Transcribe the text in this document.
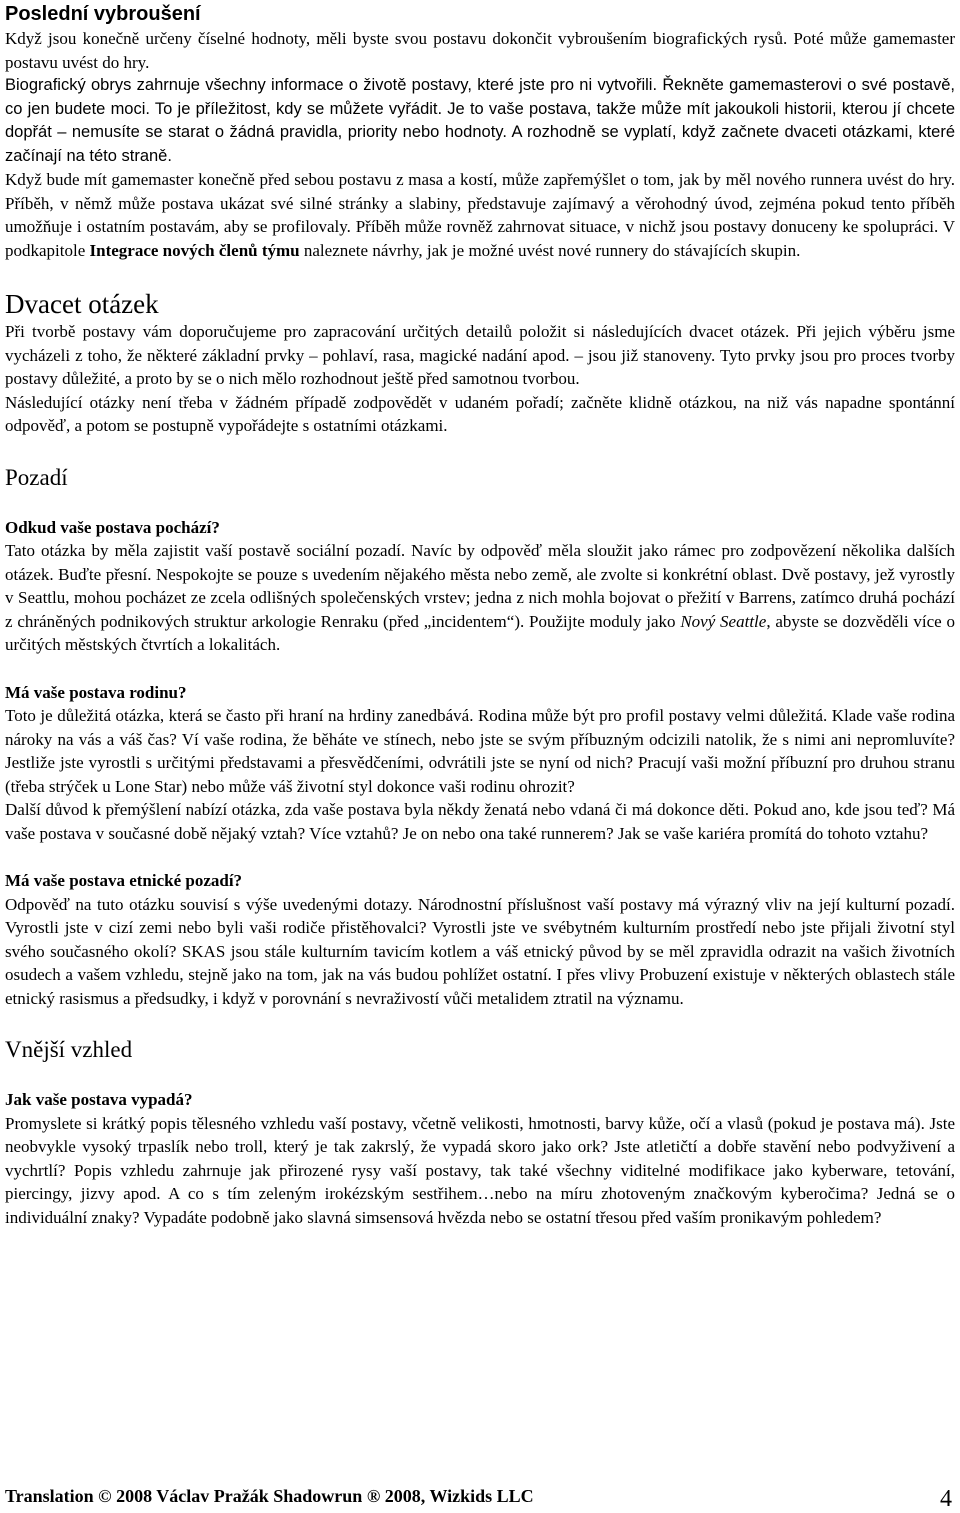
Poslední vybroušení

Když jsou konečně určeny číselné hodnoty, měli byste svou postavu dokončit vybroušením biografických rysů. Poté může gamemaster postavu uvést do hry.

Biografický obrys zahrnuje všechny informace o životě postavy, které jste pro ni vytvořili. Řekněte gamemasterovi o své postavě, co jen budete moci. To je příležitost, kdy se můžete vyřádit. Je to vaše postava, takže může mít jakoukoli historii, kterou jí chcete dopřát – nemusíte se starat o žádná pravidla, priority nebo hodnoty. A rozhodně se vyplatí, když začnete dvaceti otázkami, které začínají na této straně.

Když bude mít gamemaster konečně před sebou postavu z masa a kostí, může zapřemýšlet o tom, jak by měl nového runnera uvést do hry. Příběh, v němž může postava ukázat své silné stránky a slabiny, představuje zajímavý a věrohodný úvod, zejména pokud tento příběh umožňuje i ostatním postavám, aby se profilovaly. Příběh může rovněž zahrnovat situace, v nichž jsou postavy donuceny ke spolupráci. V podkapitole Integrace nových členů týmu naleznete návrhy, jak je možné uvést nové runnery do stávajících skupin.

Dvacet otázek

Při tvorbě postavy vám doporučujeme pro zapracování určitých detailů položit si následujících dvacet otázek. Při jejich výběru jsme vycházeli z toho, že některé základní prvky – pohlaví, rasa, magické nadání apod. – jsou již stanoveny. Tyto prvky jsou pro proces tvorby postavy důležité, a proto by se o nich mělo rozhodnout ještě před samotnou tvorbou.

Následující otázky není třeba v žádném případě zodpovědět v udaném pořadí; začněte klidně otázkou, na niž vás napadne spontánní odpověď, a potom se postupně vypořádejte s ostatními otázkami.

Pozadí
Odkud vaše postava pochází?

Tato otázka by měla zajistit vaší postavě sociální pozadí. Navíc by odpověď měla sloužit jako rámec pro zodpovězení několika dalších otázek. Buďte přesní. Nespokojte se pouze s uvedením nějakého města nebo země, ale zvolte si konkrétní oblast. Dvě postavy, jež vyrostly v Seattlu, mohou pocházet ze zcela odlišných společenských vrstev; jedna z nich mohla bojovat o přežití v Barrens, zatímco druhá pochází z chráněných podnikových struktur arkologie Renraku (před „incidentem“). Použijte moduly jako Nový Seattle, abyste se dozvěděli více o určitých městských čtvrtích a lokalitách.

Má vaše postava rodinu?

Toto je důležitá otázka, která se často při hraní na hrdiny zanedbává. Rodina může být pro profil postavy velmi důležitá. Klade vaše rodina nároky na vás a váš čas? Ví vaše rodina, že běháte ve stínech, nebo jste se svým příbuzným odcizili natolik, že s nimi ani nepromluvíte? Jestliže jste vyrostli s určitými představami a přesvědčeními, odvrátili jste se nyní od nich? Pracují vaši možní příbuzní pro druhou stranu (třeba strýček u Lone Star) nebo může váš životní styl dokonce vaši rodinu ohrozit?

Další důvod k přemýšlení nabízí otázka, zda vaše postava byla někdy ženatá nebo vdaná či má dokonce děti. Pokud ano, kde jsou teď? Má vaše postava v současné době nějaký vztah? Více vztahů? Je on nebo ona také runnerem? Jak se vaše kariéra promítá do tohoto vztahu?

Má vaše postava etnické pozadí?

Odpověď na tuto otázku souvisí s výše uvedenými dotazy. Národnostní příslušnost vaší postavy má výrazný vliv na její kulturní pozadí. Vyrostli jste v cizí zemi nebo byli vaši rodiče přistěhovalci? Vyrostli jste ve svébytném kulturním prostředí nebo jste přijali životní styl svého současného okolí? SKAS jsou stále kulturním tavicím kotlem a váš etnický původ by se měl zpravidla odrazit na vašich životních osudech a vašem vzhledu, stejně jako na tom, jak na vás budou pohlížet ostatní. I přes vlivy Probuzení existuje v některých oblastech stále etnický rasismus a předsudky, i když v porovnání s nevraživostí vůči metalidem ztratil na významu.

Vnější vzhled
Jak vaše postava vypadá?

Promyslete si krátký popis tělesného vzhledu vaší postavy, včetně velikosti, hmotnosti, barvy kůže, očí a vlasů (pokud je postava má). Jste neobvykle vysoký trpaslík nebo troll, který je tak zakrslý, že vypadá skoro jako ork? Jste atletičtí a dobře stavění nebo podvyživení a vychrtlí? Popis vzhledu zahrnuje jak přirozené rysy vaší postavy, tak také všechny viditelné modifikace jako kyberware, tetování, piercingy, jizvy apod. A co s tím zeleným irokézským sestřihem…nebo na míru zhotoveným značkovým kyberočima? Jedná se o individuální znaky? Vypadáte podobně jako slavná simsensová hvězda nebo se ostatní třesou před vaším pronikavým pohledem?

Translation © 2008 Václav Pražák Shadowrun ® 2008, Wizkids LLC	4
